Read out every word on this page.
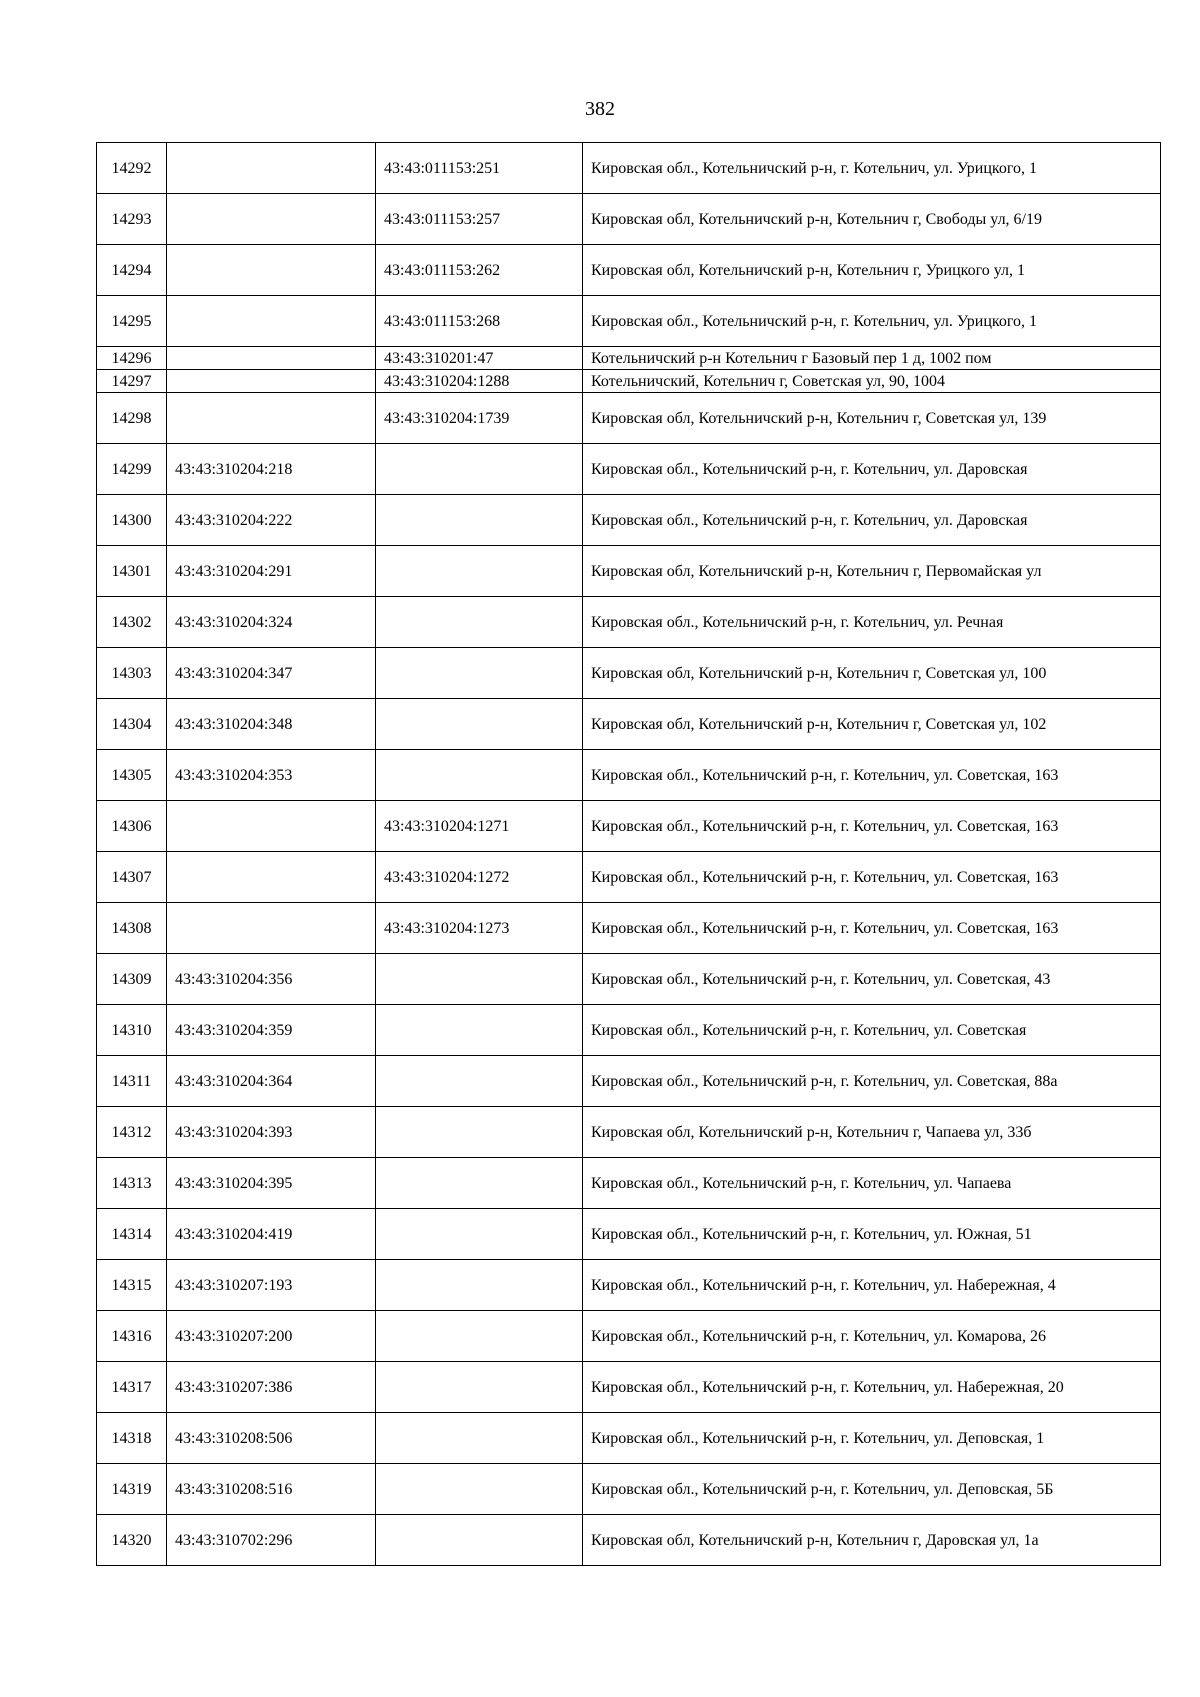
382
14292		43:43:011153:251	Кировская обл., Котельничский р-н, г. Котельнич, ул. Урицкого, 1
14293		43:43:011153:257	Кировская обл, Котельничский р-н, Котельнич г, Свободы ул, 6/19
14294		43:43:011153:262	Кировская обл, Котельничский р-н, Котельнич г, Урицкого ул, 1
14295		43:43:011153:268	Кировская обл., Котельничский р-н, г. Котельнич, ул. Урицкого, 1
14296		43:43:310201:47	Котельничский р-н Котельнич г Базовый пер 1 д, 1002 пом
14297		43:43:310204:1288	Котельничский, Котельнич г, Советская ул, 90, 1004
14298		43:43:310204:1739	Кировская обл, Котельничский р-н, Котельнич г, Советская ул, 139
14299	43:43:310204:218		Кировская обл., Котельничский р-н, г. Котельнич, ул. Даровская
14300	43:43:310204:222		Кировская обл., Котельничский р-н, г. Котельнич, ул. Даровская
14301	43:43:310204:291		Кировская обл, Котельничский р-н, Котельнич г, Первомайская ул
14302	43:43:310204:324		Кировская обл., Котельничский р-н, г. Котельнич, ул. Речная
14303	43:43:310204:347		Кировская обл, Котельничский р-н, Котельнич г, Советская ул, 100
14304	43:43:310204:348		Кировская обл, Котельничский р-н, Котельнич г, Советская ул, 102
14305	43:43:310204:353		Кировская обл., Котельничский р-н, г. Котельнич, ул. Советская, 163
14306		43:43:310204:1271	Кировская обл., Котельничский р-н, г. Котельнич, ул. Советская, 163
14307		43:43:310204:1272	Кировская обл., Котельничский р-н, г. Котельнич, ул. Советская, 163
14308		43:43:310204:1273	Кировская обл., Котельничский р-н, г. Котельнич, ул. Советская, 163
14309	43:43:310204:356		Кировская обл., Котельничский р-н, г. Котельнич, ул. Советская, 43
14310	43:43:310204:359		Кировская обл., Котельничский р-н, г. Котельнич, ул. Советская
14311	43:43:310204:364		Кировская обл., Котельничский р-н, г. Котельнич, ул. Советская, 88а
14312	43:43:310204:393		Кировская обл, Котельничский р-н, Котельнич г, Чапаева ул, 33б
14313	43:43:310204:395		Кировская обл., Котельничский р-н, г. Котельнич, ул. Чапаева
14314	43:43:310204:419		Кировская обл., Котельничский р-н, г. Котельнич, ул. Южная, 51
14315	43:43:310207:193		Кировская обл., Котельничский р-н, г. Котельнич, ул. Набережная, 4
14316	43:43:310207:200		Кировская обл., Котельничский р-н, г. Котельнич, ул. Комарова, 26
14317	43:43:310207:386		Кировская обл., Котельничский р-н, г. Котельнич, ул. Набережная, 20
14318	43:43:310208:506		Кировская обл., Котельничский р-н, г. Котельнич, ул. Деповская, 1
14319	43:43:310208:516		Кировская обл., Котельничский р-н, г. Котельнич, ул. Деповская, 5Б
14320	43:43:310702:296		Кировская обл, Котельничский р-н, Котельнич г, Даровская ул, 1а
